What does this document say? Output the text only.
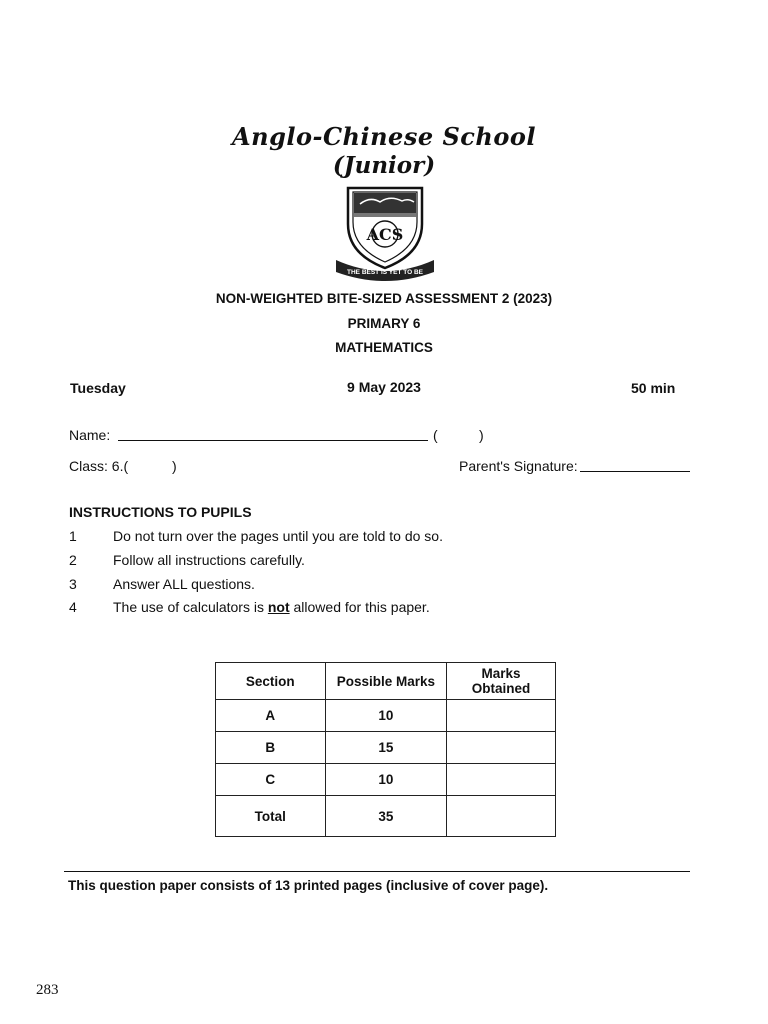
Anglo-Chinese School
(Junior)
ACS
THE BEST IS YET TO BE
NON-WEIGHTED BITE-SIZED ASSESSMENT 2 (2023)
PRIMARY 6
MATHEMATICS
Tuesday	9 May 2023	50 min
Name:	(	)
Class: 6.(	)	Parent's Signature:
INSTRUCTIONS TO PUPILS
1	Do not turn over the pages until you are told to do so.
2	Follow all instructions carefully.
3	Answer ALL questions.
4	The use of calculators is not allowed for this paper.
Section	Possible Marks	Marks Obtained
A	10	
B	15	
C	10	
Total	35	
This question paper consists of 13 printed pages (inclusive of cover page).
283
